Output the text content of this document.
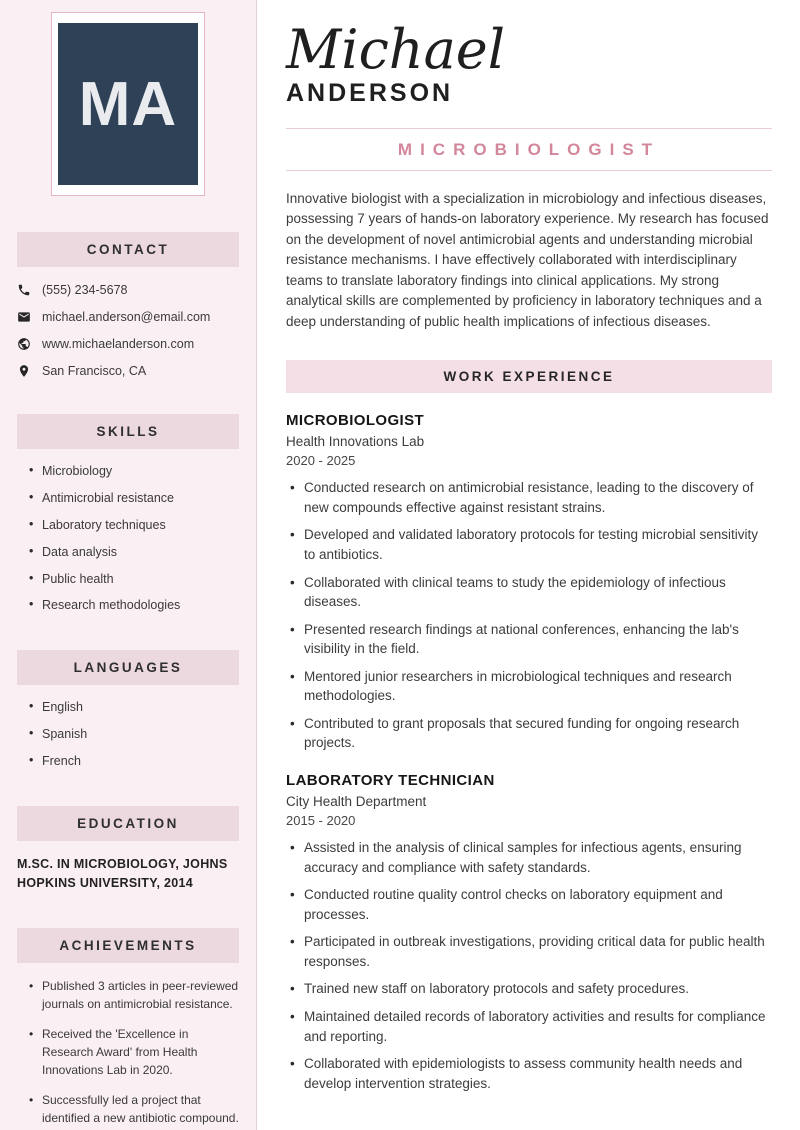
MA
CONTACT
(555) 234-5678
michael.anderson@email.com
www.michaelanderson.com
San Francisco, CA
SKILLS
• Microbiology
• Antimicrobial resistance
• Laboratory techniques
• Data analysis
• Public health
• Research methodologies
LANGUAGES
• English
• Spanish
• French
EDUCATION
M.SC. IN MICROBIOLOGY, JOHNS HOPKINS UNIVERSITY, 2014
ACHIEVEMENTS
• Published 3 articles in peer-reviewed journals on antimicrobial resistance.
• Received the 'Excellence in Research Award' from Health Innovations Lab in 2020.
• Successfully led a project that identified a new antibiotic compound.
Michael
ANDERSON
MICROBIOLOGIST

Innovative biologist with a specialization in microbiology and infectious diseases, possessing 7 years of hands-on laboratory experience. My research has focused on the development of novel antimicrobial agents and understanding microbial resistance mechanisms. I have effectively collaborated with interdisciplinary teams to translate laboratory findings into clinical applications. My strong analytical skills are complemented by proficiency in laboratory techniques and a deep understanding of public health implications of infectious diseases.

WORK EXPERIENCE
MICROBIOLOGIST
Health Innovations Lab
2020 - 2025
• Conducted research on antimicrobial resistance, leading to the discovery of new compounds effective against resistant strains.
• Developed and validated laboratory protocols for testing microbial sensitivity to antibiotics.
• Collaborated with clinical teams to study the epidemiology of infectious diseases.
• Presented research findings at national conferences, enhancing the lab's visibility in the field.
• Mentored junior researchers in microbiological techniques and research methodologies.
• Contributed to grant proposals that secured funding for ongoing research projects.
LABORATORY TECHNICIAN
City Health Department
2015 - 2020
• Assisted in the analysis of clinical samples for infectious agents, ensuring accuracy and compliance with safety standards.
• Conducted routine quality control checks on laboratory equipment and processes.
• Participated in outbreak investigations, providing critical data for public health responses.
• Trained new staff on laboratory protocols and safety procedures.
• Maintained detailed records of laboratory activities and results for compliance and reporting.
• Collaborated with epidemiologists to assess community health needs and develop intervention strategies.
